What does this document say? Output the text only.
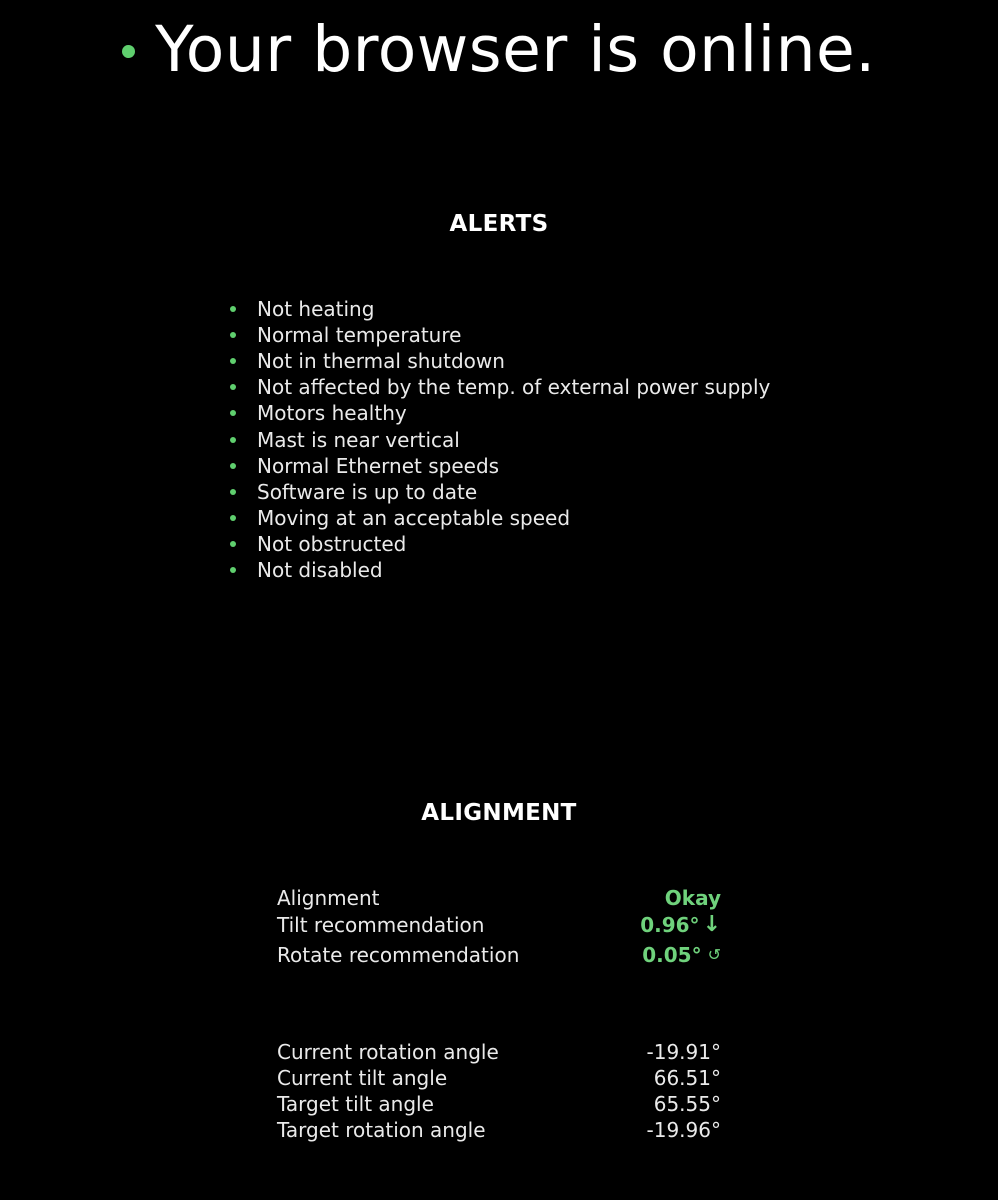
Your browser is online.
ALERTS
Not heating
Normal temperature
Not in thermal shutdown
Not affected by the temp. of external power supply
Motors healthy
Mast is near vertical
Normal Ethernet speeds
Software is up to date
Moving at an acceptable speed
Not obstructed
Not disabled
ALIGNMENT
Alignment	Okay
Tilt recommendation	0.96° ↓
Rotate recommendation	0.05° ↺
Current rotation angle	-19.91°
Current tilt angle	66.51°
Target tilt angle	65.55°
Target rotation angle	-19.96°
